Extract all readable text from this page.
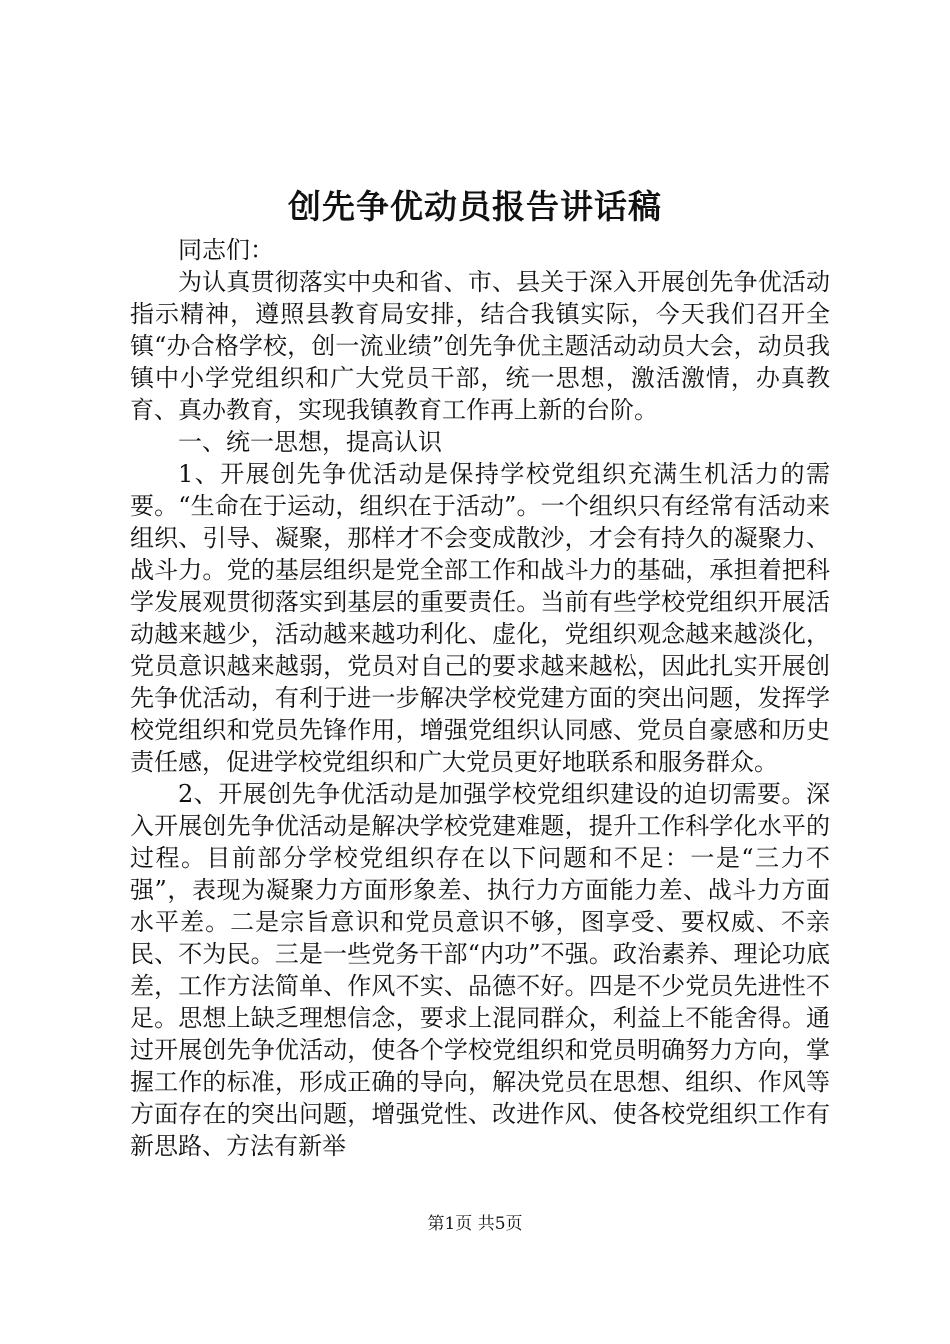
创先争优动员报告讲话稿

同志们：

为认真贯彻落实中央和省、市、县关于深入开展创先争优活动指示精神，遵照县教育局安排，结合我镇实际，今天我们召开全镇“办合格学校，创一流业绩”创先争优主题活动动员大会，动员我镇中小学党组织和广大党员干部，统一思想，激活激情，办真教育、真办教育，实现我镇教育工作再上新的台阶。

一、统一思想，提高认识

1、开展创先争优活动是保持学校党组织充满生机活力的需要。“生命在于运动，组织在于活动”。一个组织只有经常有活动来组织、引导、凝聚，那样才不会变成散沙，才会有持久的凝聚力、战斗力。党的基层组织是党全部工作和战斗力的基础，承担着把科学发展观贯彻落实到基层的重要责任。当前有些学校党组织开展活动越来越少，活动越来越功利化、虚化，党组织观念越来越淡化，党员意识越来越弱，党员对自己的要求越来越松，因此扎实开展创先争优活动，有利于进一步解决学校党建方面的突出问题，发挥学校党组织和党员先锋作用，增强党组织认同感、党员自豪感和历史责任感，促进学校党组织和广大党员更好地联系和服务群众。

2、开展创先争优活动是加强学校党组织建设的迫切需要。深入开展创先争优活动是解决学校党建难题，提升工作科学化水平的过程。目前部分学校党组织存在以下问题和不足：一是“三力不强”，表现为凝聚力方面形象差、执行力方面能力差、战斗力方面水平差。二是宗旨意识和党员意识不够，图享受、要权威、不亲民、不为民。三是一些党务干部“内功”不强。政治素养、理论功底差，工作方法简单、作风不实、品德不好。四是不少党员先进性不足。思想上缺乏理想信念，要求上混同群众，利益上不能舍得。通过开展创先争优活动，使各个学校党组织和党员明确努力方向，掌握工作的标准，形成正确的导向，解决党员在思想、组织、作风等方面存在的突出问题，增强党性、改进作风、使各校党组织工作有新思路、方法有新举

第1页 共5页
